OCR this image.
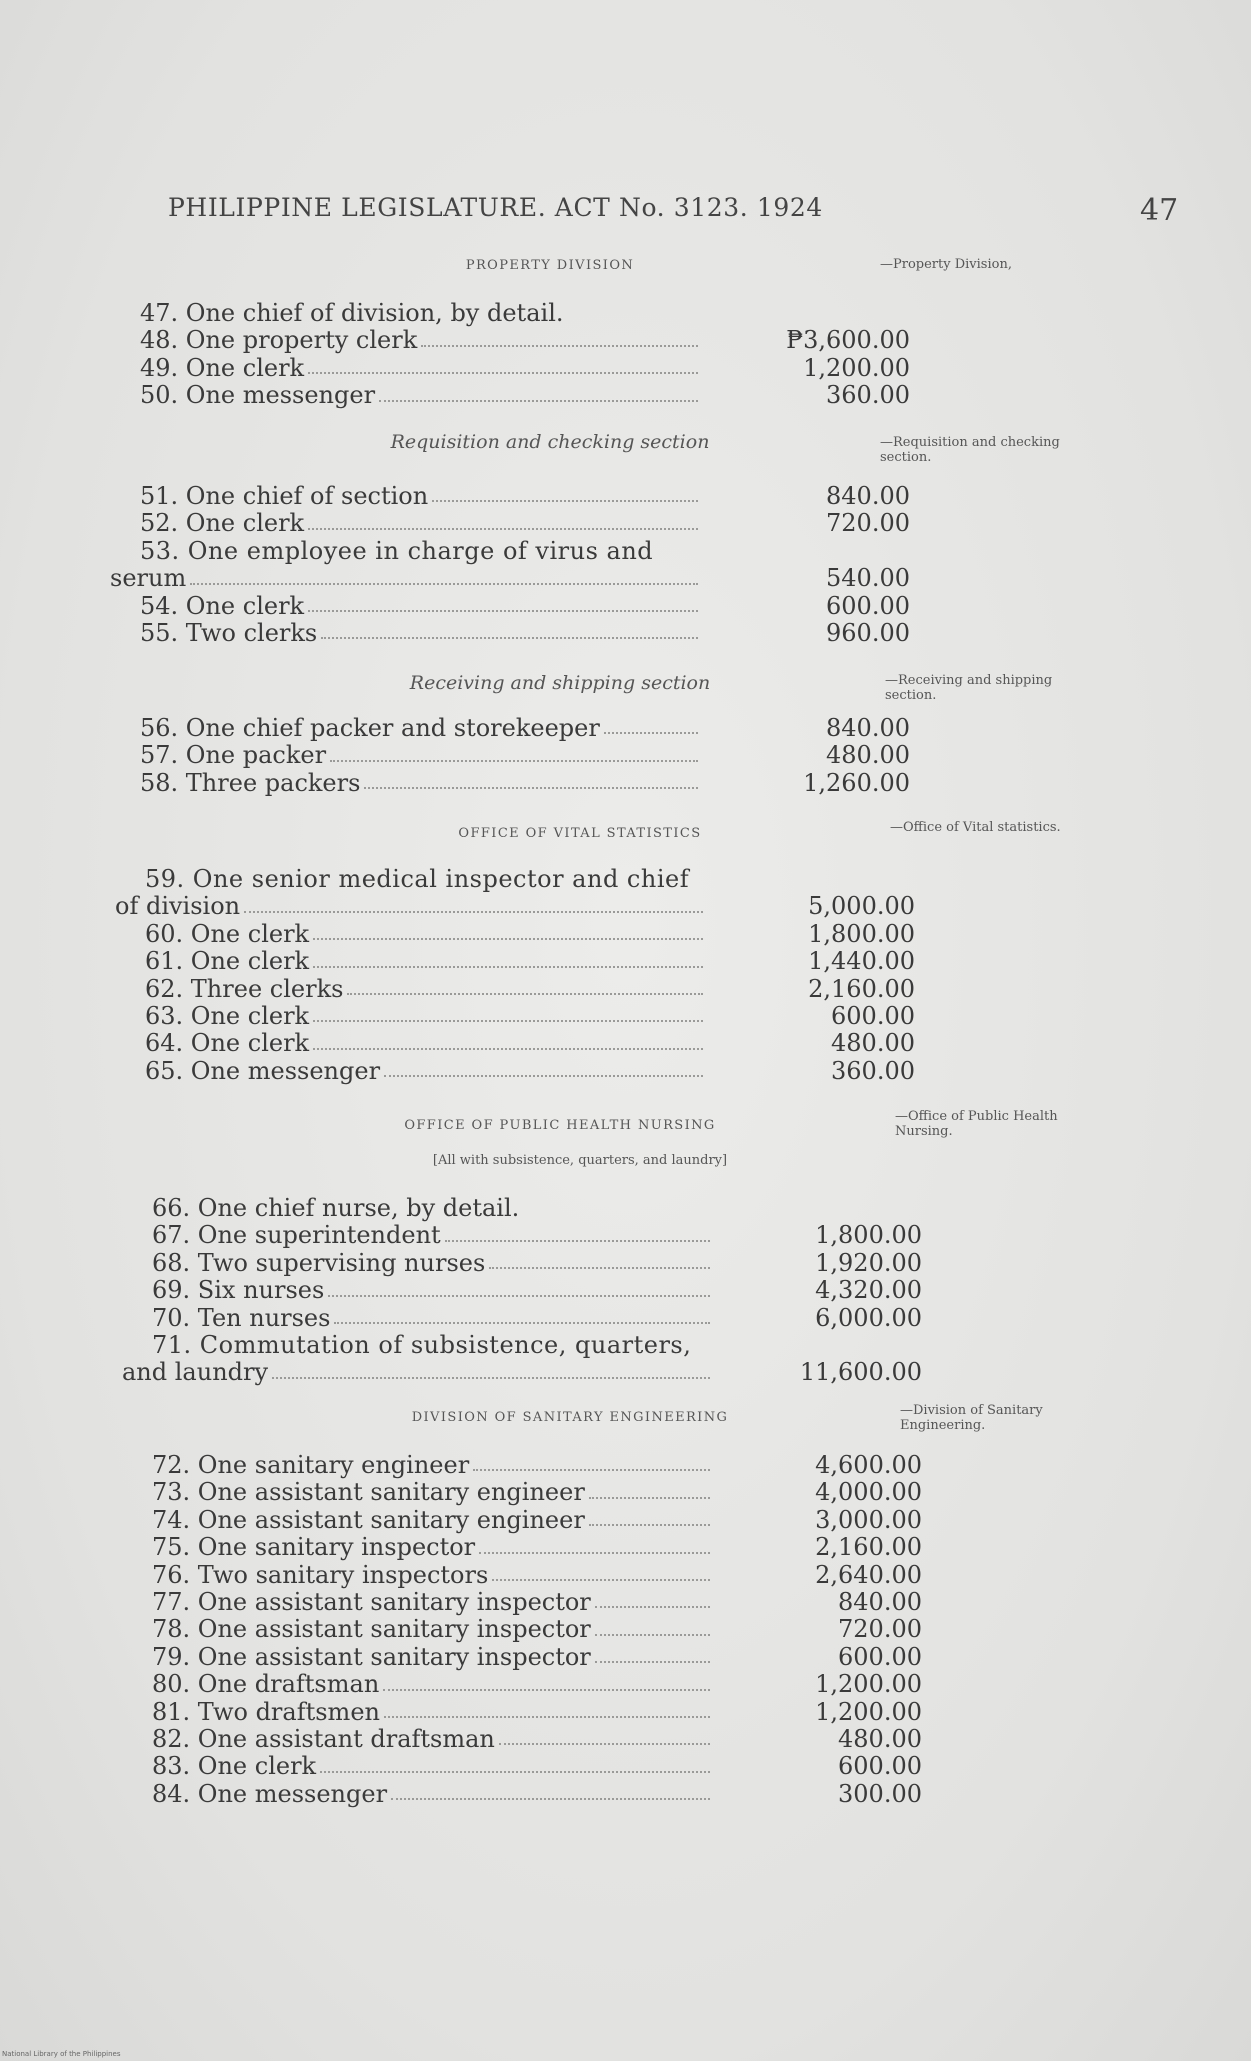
PHILIPPINE LEGISLATURE. ACT No. 3123. 1924	47
PROPERTY DIVISION	—Property Division,
47. One chief of division, by detail.
48. One property clerk	₱3,600.00
49. One clerk	1,200.00
50. One messenger	360.00
Requisition and checking section	—Requisition and checking section.
51. One chief of section	840.00
52. One clerk	720.00
53. One employee in charge of virus and
serum	540.00
54. One clerk	600.00
55. Two clerks	960.00
Receiving and shipping section	—Receiving and shipping section.
56. One chief packer and storekeeper	840.00
57. One packer	480.00
58. Three packers	1,260.00
OFFICE OF VITAL STATISTICS	—Office of Vital statistics.
59. One senior medical inspector and chief
of division	5,000.00
60. One clerk	1,800.00
61. One clerk	1,440.00
62. Three clerks	2,160.00
63. One clerk	600.00
64. One clerk	480.00
65. One messenger	360.00
OFFICE OF PUBLIC HEALTH NURSING
[All with subsistence, quarters, and laundry]
—Office of Public Health Nursing.
66. One chief nurse, by detail.
67. One superintendent	1,800.00
68. Two supervising nurses	1,920.00
69. Six nurses	4,320.00
70. Ten nurses	6,000.00
71. Commutation of subsistence, quarters,
and laundry	11,600.00
DIVISION OF SANITARY ENGINEERING	—Division of Sanitary Engineering.
72. One sanitary engineer	4,600.00
73. One assistant sanitary engineer	4,000.00
74. One assistant sanitary engineer	3,000.00
75. One sanitary inspector	2,160.00
76. Two sanitary inspectors	2,640.00
77. One assistant sanitary inspector	840.00
78. One assistant sanitary inspector	720.00
79. One assistant sanitary inspector	600.00
80. One draftsman	1,200.00
81. Two draftsmen	1,200.00
82. One assistant draftsman	480.00
83. One clerk	600.00
84. One messenger	300.00
National Library of the Philippines
